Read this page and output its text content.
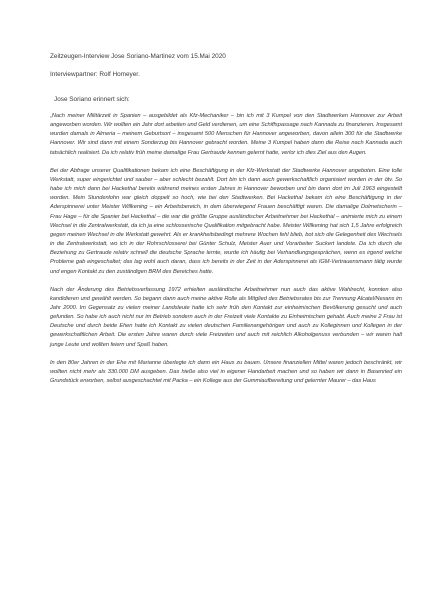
Zeitzeugen-Interview Jose Soriano-Martinez vom 15.Mai 2020

Interviewpartner: Rolf Homeyer.

Jose Soriano erinnert sich:

„Nach meiner Militärzeit in Spanien – ausgebildet als Kfz-Mechaniker – bin ich mit 3 Kumpel von den Stadtwerken Hannover zur Arbeit angeworben worden. Wir wollten ein Jahr dort arbeiten und Geld verdienen, um eine Schiffspassage nach Kannada zu finanzieren. Insgesamt wurden damals in Almeria – meinem Geburtsort – insgesamt 500 Menschen für Hannover angeworben, davon allein 300 für die Stadtwerke Hannover. Wir sind dann mit einem Sonderzug bis Hannover gebracht worden. Meine 3 Kumpel haben dann die Reise nach Kannada auch tatsächlich realisiert. Da ich relativ früh meine damalige Frau Gertraude kennen gelernt hatte, verlor ich dies Ziel aus den Augen.

Bei der Abfrage unserer Qualifikationen bekam ich eine Beschäftigung in der Kfz-Werkstatt der Stadtwerke Hannover angeboten. Eine tolle Werkstatt, super eingerichtet und sauber – aber schlecht bezahlt. Dort bin ich dann auch gewerkschaftlich organisiert worden in der ötv. So habe ich mich dann bei Hackethal bereits während meines ersten Jahres in Hannover beworben und bin dann dort im Juli 1963 eingestellt worden. Mein Stundenlohn war gleich doppelt so hoch, wie bei den Stadtwerken. Bei Hackethal bekam ich eine Beschäftigung in der Aderspinnerei unter Meister Willkening – ein Arbeitsbereich, in dem überwiegend Frauen beschäftigt waren. Die damalige Dolmetscherin – Frau Hage – für die Spanier bei Hackethal – die war die größte Gruppe ausländischer Arbeitnehmer bei Hackethal – animierte mich zu einem Wechsel in die Zentralwerkstatt, da ich ja eine schlosserische Qualifikation mitgebracht habe. Meister Willkening hat sich 1,5 Jahre erfolgreich gegen meinen Wechsel in die Werkstatt gewehrt. Als er krankheitsbedingt mehrere Wochen fehl blieb, bot sich die Gelegenheit des Wechsels in die Zentralwerkstatt, wo ich in der Rohrschlosserei bei Günter Schulz, Meister Auer und Vorarbeiter Suckert landete. Da ich durch die Beziehung zu Gertraude relativ schnell die deutsche Sprache lernte, wurde ich häufig bei Verhandlungsgesprächen, wenn es irgend welche Probleme gab eingeschaltet; das lag wohl auch daran, dass ich bereits in der Zeit in der Aderspinnerei als IGM-Vertrauensmann tätig wurde und engen Kontakt zu den zuständigen BRM des Bereiches hatte.

Nach der Änderung des Betriebsverfassung 1972 erhielten ausländische Arbeitnehmer nun auch das aktive Wahlrecht, konnten also kandidieren und gewählt werden. So begann dann auch meine aktive Rolle als Mitglied des Betriebsrates bis zur Trennung Alcatel/Nexans im Jahr 2000. Im Gegensatz zu vielen meiner Landsleute hatte ich sehr früh den Kontakt zur einheimischen Bevölkerung gesucht und auch gefunden. So habe ich auch nicht nur im Betrieb sondern auch in der Freizeit viele Kontakte zu Einheimischen gehabt. Auch meine 2 Frau ist Deutsche und durch beide Ehen hatte ich Kontakt zu vielen deutschen Familienangehörigen und auch zu Kolleginnen und Kollegen in der gewerkschaftlichen Arbeit. Die ersten Jahre waren durch viele Freizeiten und auch mit reichlich Alkoholgenuss verbunden – wir waren halt junge Leute und wollten feiern und Spaß haben.

In den 80er Jahren in der Ehe mit Marianne überlegte ich dann ein Haus zu bauen. Unsere finanziellen Mittel waren jedoch beschränkt, wir wollten nicht mehr als 330.000 DM ausgeben. Das hieße also viel in eigener Handarbeit machen und so haben wir dann in Basenried ein Grundstück erworben, selbst ausgeschachtet mit Packa – ein Kollege aus der Gummiaufbereitung und gelernter Maurer – das Haus
